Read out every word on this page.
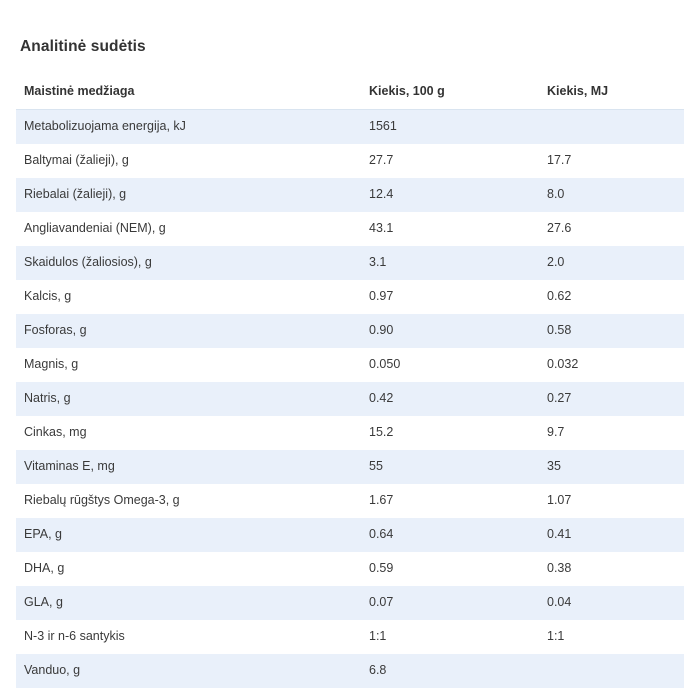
Analitinė sudėtis
Maistinė medžiaga	Kiekis, 100 g	Kiekis, MJ
Metabolizuojama energija, kJ	1561	
Baltymai (žalieji), g	27.7	17.7
Riebalai (žalieji), g	12.4	8.0
Angliavandeniai (NEM), g	43.1	27.6
Skaidulos (žaliosios), g	3.1	2.0
Kalcis, g	0.97	0.62
Fosforas, g	0.90	0.58
Magnis, g	0.050	0.032
Natris, g	0.42	0.27
Cinkas, mg	15.2	9.7
Vitaminas E, mg	55	35
Riebalų rūgštys Omega-3, g	1.67	1.07
EPA, g	0.64	0.41
DHA, g	0.59	0.38
GLA, g	0.07	0.04
N-3 ir n-6 santykis	1:1	1:1
Vanduo, g	6.8	
